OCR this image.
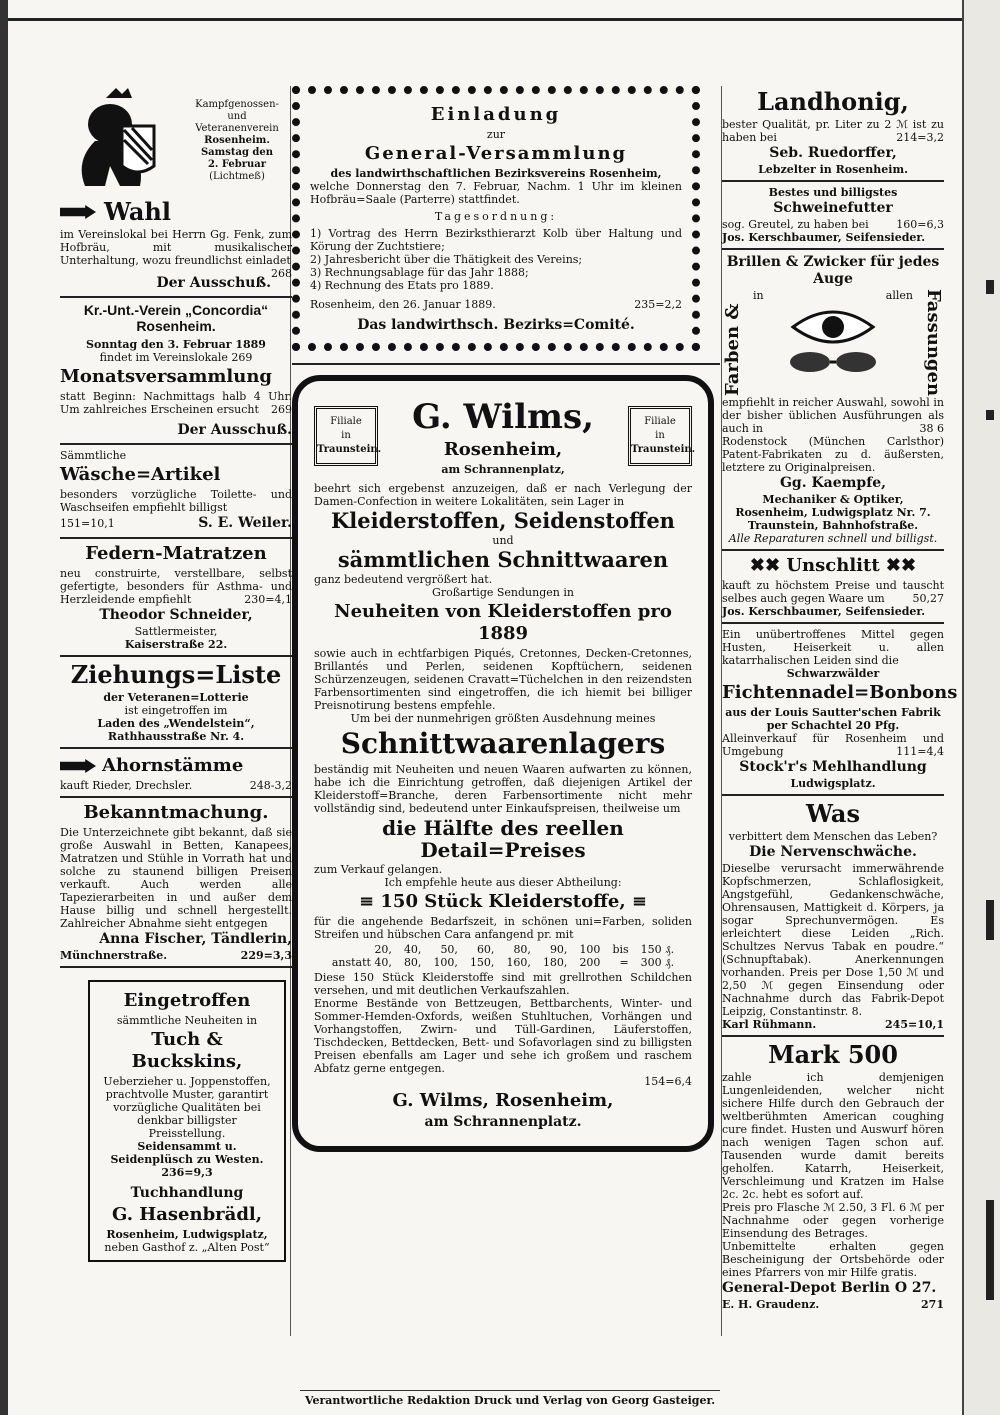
Kampfgenossen-
und
Veteranenverein
Rosenheim.
Samstag den
2. Februar
(Lichtmeß)
Wahl

im Vereinslokal bei Herrn Gg. Fenk, zum Hofbräu, mit musikalischer Unterhaltung, wozu freundlichst einladet
268

Der Ausschuß.

Kr.-Unt.-Verein „Concordia“

Rosenheim.

Sonntag den 3. Februar 1889

findet im Vereinslokale 269

Monatsversammlung

statt Beginn: Nachmittags halb 4 Uhr. Um zahlreiches Erscheinen ersucht 269

Der Ausschuß.

Sämmtliche

Wäsche=Artikel

besonders vorzügliche Toilette- und Waschseifen empfiehlt billigst

151=10,1	S. E. Weiler.

Federn-Matratzen

neu construirte, verstellbare, selbst gefertigte, besonders für Asthma- und Herzleidende empfiehlt	230=4,1

Theodor Schneider,

Sattlermeister,

Kaiserstraße 22.

Ziehungs=Liste

der Veteranen=Lotterie

ist eingetroffen im

Laden des „Wendelstein“,

Rathhausstraße Nr. 4.

Ahornstämme
kauft Rieder, Drechsler.	248-3,2

Bekanntmachung.

Die Unterzeichnete gibt bekannt, daß sie große Auswahl in Betten, Kanapees, Matratzen und Stühle in Vorrath hat und solche zu staunend billigen Preisen verkauft. Auch werden alle Tapezierarbeiten in und außer dem Hause billig und schnell hergestellt. Zahlreicher Abnahme sieht entgegen

Anna Fischer, Tändlerin,

Münchnerstraße.	229=3,3

Eingetroffen

sämmtliche Neuheiten in

Tuch & Buckskins,

Ueberzieher u. Joppenstoffen, prachtvolle Muster, garantirt vorzügliche Qualitäten bei denkbar billigster Preisstellung.

Seidensammt u. Seidenplüsch zu Westen. 236=9,3

Tuchhandlung

G. Hasenbrädl,

Rosenheim, Ludwigsplatz,

neben Gasthof z. „Alten Post“

Einladung

zur

General-Versammlung

des landwirthschaftlichen Bezirksvereins Rosenheim,

welche Donnerstag den 7. Februar, Nachm. 1 Uhr im kleinen Hofbräu=Saale (Parterre) stattfindet.

Tagesordnung:

1) Vortrag des Herrn Bezirksthierarzt Kolb über Haltung und Körung der Zuchtstiere;

2) Jahresbericht über die Thätigkeit des Vereins;

3) Rechnungsablage für das Jahr 1888;

4) Rechnung des Etats pro 1889.

Rosenheim, den 26. Januar 1889.	235=2,2

Das landwirthsch. Bezirks=Comité.

Filiale
in
Traunstein.
G. Wilms,
Rosenheim,
am Schrannenplatz,
Filiale
in
Traunstein.

beehrt sich ergebenst anzuzeigen, daß er nach Verlegung der Damen-Confection in weitere Lokalitäten, sein Lager in

Kleiderstoffen, Seidenstoffen

und

sämmtlichen Schnittwaaren

ganz bedeutend vergrößert hat.

Großartige Sendungen in

Neuheiten von Kleiderstoffen pro 1889

sowie auch in echtfarbigen Piqués, Cretonnes, Decken-Cretonnes, Brillantés und Perlen, seidenen Kopftüchern, seidenen Schürzenzeugen, seidenen Cravatt=Tüchelchen in den reizendsten Farbensortimenten sind eingetroffen, die ich hiemit bei billiger Preisnotirung bestens empfehle.

Um bei der nunmehrigen größten Ausdehnung meines

Schnittwaarenlagers

beständig mit Neuheiten und neuen Waaren aufwarten zu können, habe ich die Einrichtung getroffen, daß diejenigen Artikel der Kleiderstoff=Branche, deren Farbensortimente nicht mehr vollständig sind, bedeutend unter Einkaufspreisen, theilweise um

die Hälfte des reellen Detail=Preises

zum Verkauf gelangen.

Ich empfehle heute aus dieser Abtheilung:

≡ 150 Stück Kleiderstoffe, ≡

für die angehende Bedarfszeit, in schönen uni=Farben, soliden Streifen und hübschen Cara anfangend pr. mit

20,	40,	50,	60,	80,	90,	100	bis	150 ₰.
anstatt 40,	80,	100,	150,	160,	180,	200	=	300 ₰.

Diese 150 Stück Kleiderstoffe sind mit grellrothen Schildchen versehen, und mit deutlichen Verkaufszahlen.

Enorme Bestände von Bettzeugen, Bettbarchents, Winter- und Sommer-Hemden-Oxfords, weißen Stuhltuchen, Vorhängen und Vorhangstoffen, Zwirn- und Tüll-Gardinen, Läuferstoffen, Tischdecken, Bettdecken, Bett- und Sofavorlagen sind zu billigsten Preisen ebenfalls am Lager und sehe ich großem und raschem Abfatz gerne entgegen.

154=6,4

G. Wilms, Rosenheim,

am Schrannenplatz.

Landhonig,

bester Qualität, pr. Liter zu 2 ℳ ist zu haben bei	214=3,2

Seb. Ruedorffer,

Lebzelter in Rosenheim.

Bestes und billigstes

Schweinefutter

sog. Greutel, zu haben bei	160=6,3

Jos. Kerschbaumer, Seifensieder.

Brillen & Zwicker für jedes Auge

Farben &
in	allen Fassungen

empfiehlt in reicher Auswahl, sowohl in der bisher üblichen Ausführungen als auch in	38 6

Rodenstock (München Carlsthor) Patent-Fabrikaten zu d. äußersten, letztere zu Originalpreisen.

Gg. Kaempfe,

Mechaniker & Optiker,

Rosenheim, Ludwigsplatz Nr. 7.

Traunstein, Bahnhofstraße.

Alle Reparaturen schnell und billigst.

✖✖ Unschlitt ✖✖

kauft zu höchstem Preise und tauscht selbes auch gegen Waare um	50,27

Jos. Kerschbaumer, Seifensieder.

Ein unübertroffenes Mittel gegen Husten, Heiserkeit u. allen katarrhalischen Leiden sind die

Schwarzwälder

Fichtennadel=Bonbons

aus der Louis Sautter'schen Fabrik per Schachtel 20 Pfg.

Alleinverkauf für Rosenheim und Umgebung	111=4,4

Stock'r's Mehlhandlung

Ludwigsplatz.

Was

verbittert dem Menschen das Leben?

Die Nervenschwäche.

Dieselbe verursacht immerwährende Kopfschmerzen, Schlaflosigkeit, Angstgefühl, Gedankenschwäche, Ohrensausen, Mattigkeit d. Körpers, ja sogar Sprechunvermögen. Es erleichtert diese Leiden „Rich. Schultzes Nervus Tabak en poudre.“ (Schnupftabak). Anerkennungen vorhanden. Preis per Dose 1,50 ℳ und 2,50 ℳ gegen Einsendung oder Nachnahme durch das Fabrik-Depot Leipzig, Constantinstr. 8.

Karl Rühmann.	245=10,1

Mark 500

zahle ich demjenigen Lungenleidenden, welcher nicht sichere Hilfe durch den Gebrauch der weltberühmten American coughing cure findet. Husten und Auswurf hören nach wenigen Tagen schon auf. Tausenden wurde damit bereits geholfen. Katarrh, Heiserkeit, Verschleimung und Kratzen im Halse 2c. 2c. hebt es sofort auf.

Preis pro Flasche ℳ 2.50, 3 Fl. 6 ℳ per Nachnahme oder gegen vorherige Einsendung des Betrages.

Unbemittelte erhalten gegen Bescheinigung der Ortsbehörde oder eines Pfarrers von mir Hilfe gratis.

General-Depot Berlin O 27.

E. H. Graudenz.	271
Verantwortliche Redaktion Druck und Verlag von Georg Gasteiger.
